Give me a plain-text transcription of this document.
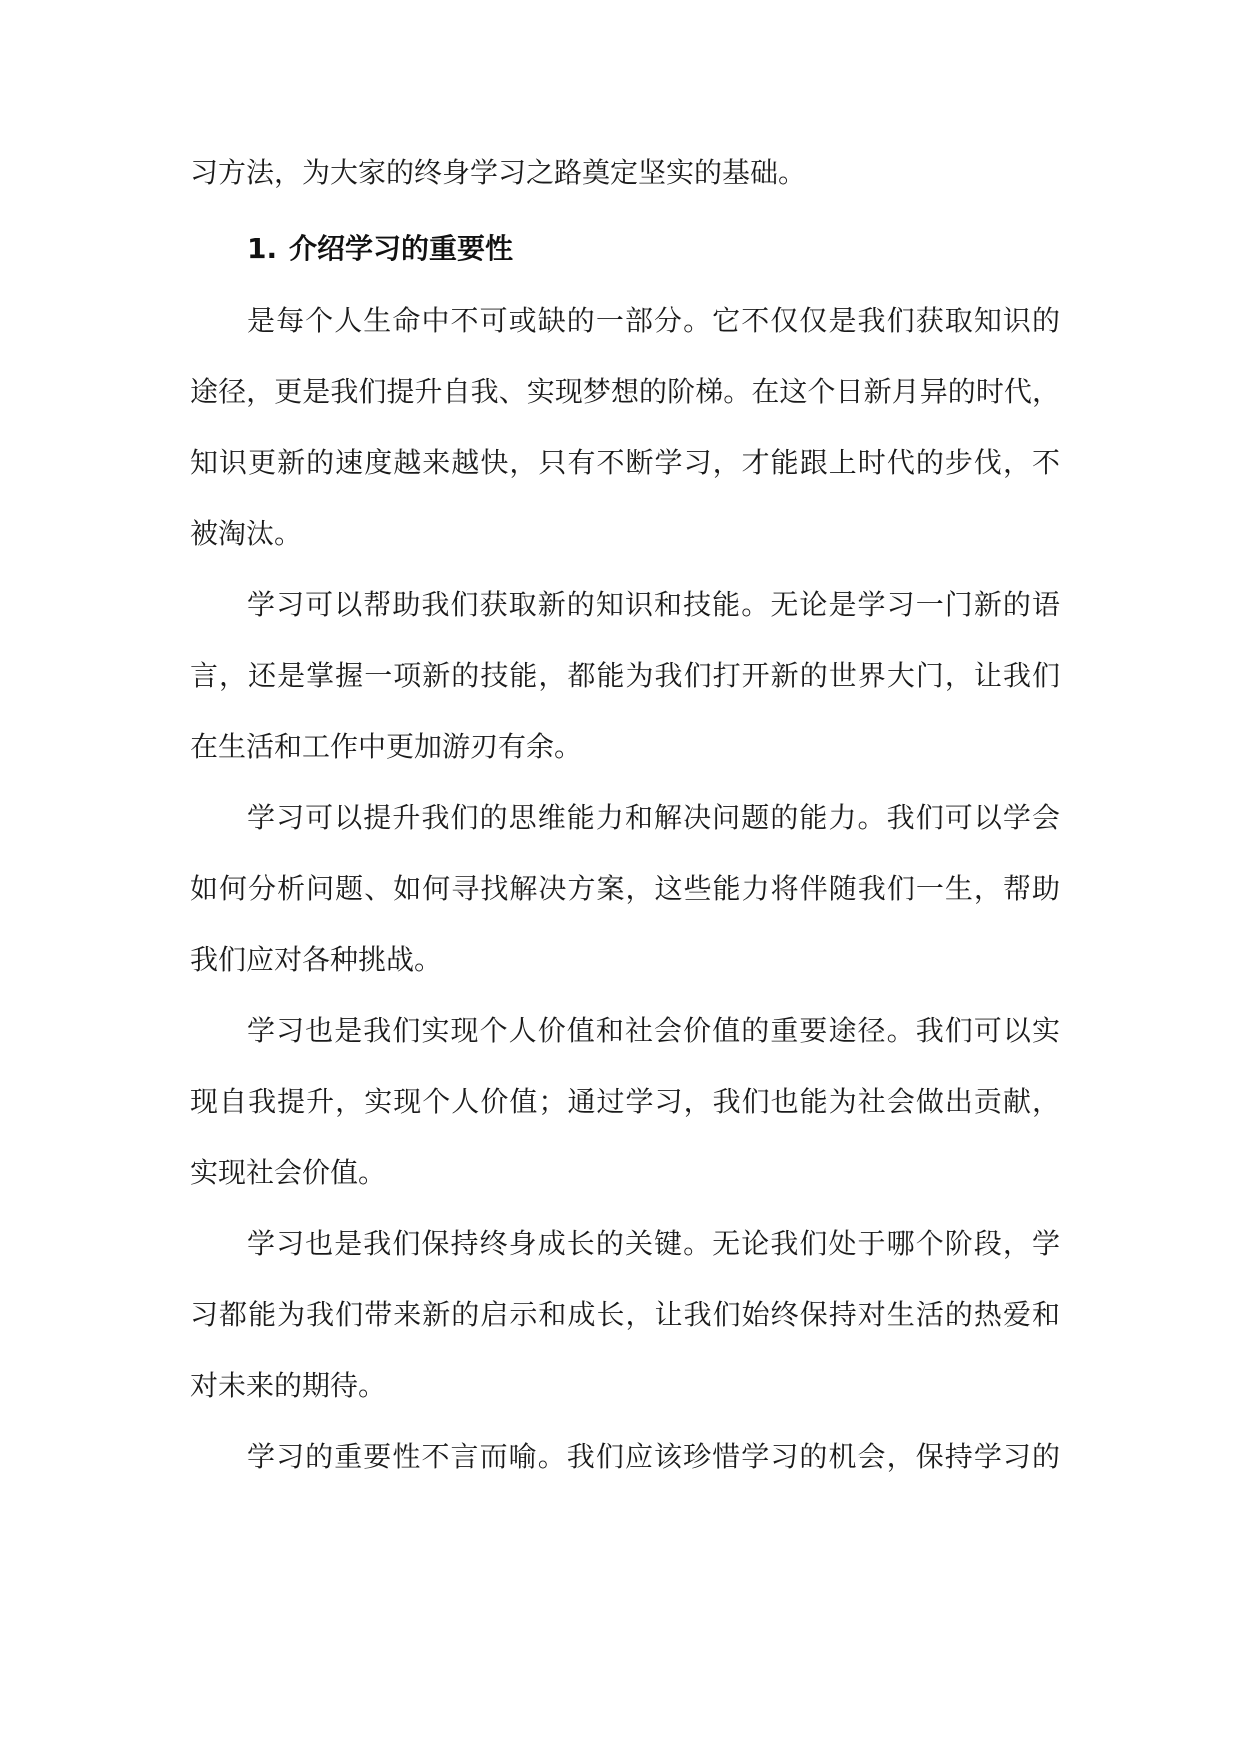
习方法，为大家的终身学习之路奠定坚实的基础。
1. 介绍学习的重要性
是每个人生命中不可或缺的一部分。它不仅仅是我们获取知识的
途径，更是我们提升自我、实现梦想的阶梯。在这个日新月异的时代，
知识更新的速度越来越快，只有不断学习，才能跟上时代的步伐，不
被淘汰。
学习可以帮助我们获取新的知识和技能。无论是学习一门新的语
言，还是掌握一项新的技能，都能为我们打开新的世界大门，让我们
在生活和工作中更加游刃有余。
学习可以提升我们的思维能力和解决问题的能力。我们可以学会
如何分析问题、如何寻找解决方案，这些能力将伴随我们一生，帮助
我们应对各种挑战。
学习也是我们实现个人价值和社会价值的重要途径。我们可以实
现自我提升，实现个人价值；通过学习，我们也能为社会做出贡献，
实现社会价值。
学习也是我们保持终身成长的关键。无论我们处于哪个阶段，学
习都能为我们带来新的启示和成长，让我们始终保持对生活的热爱和
对未来的期待。
学习的重要性不言而喻。我们应该珍惜学习的机会，保持学习的
